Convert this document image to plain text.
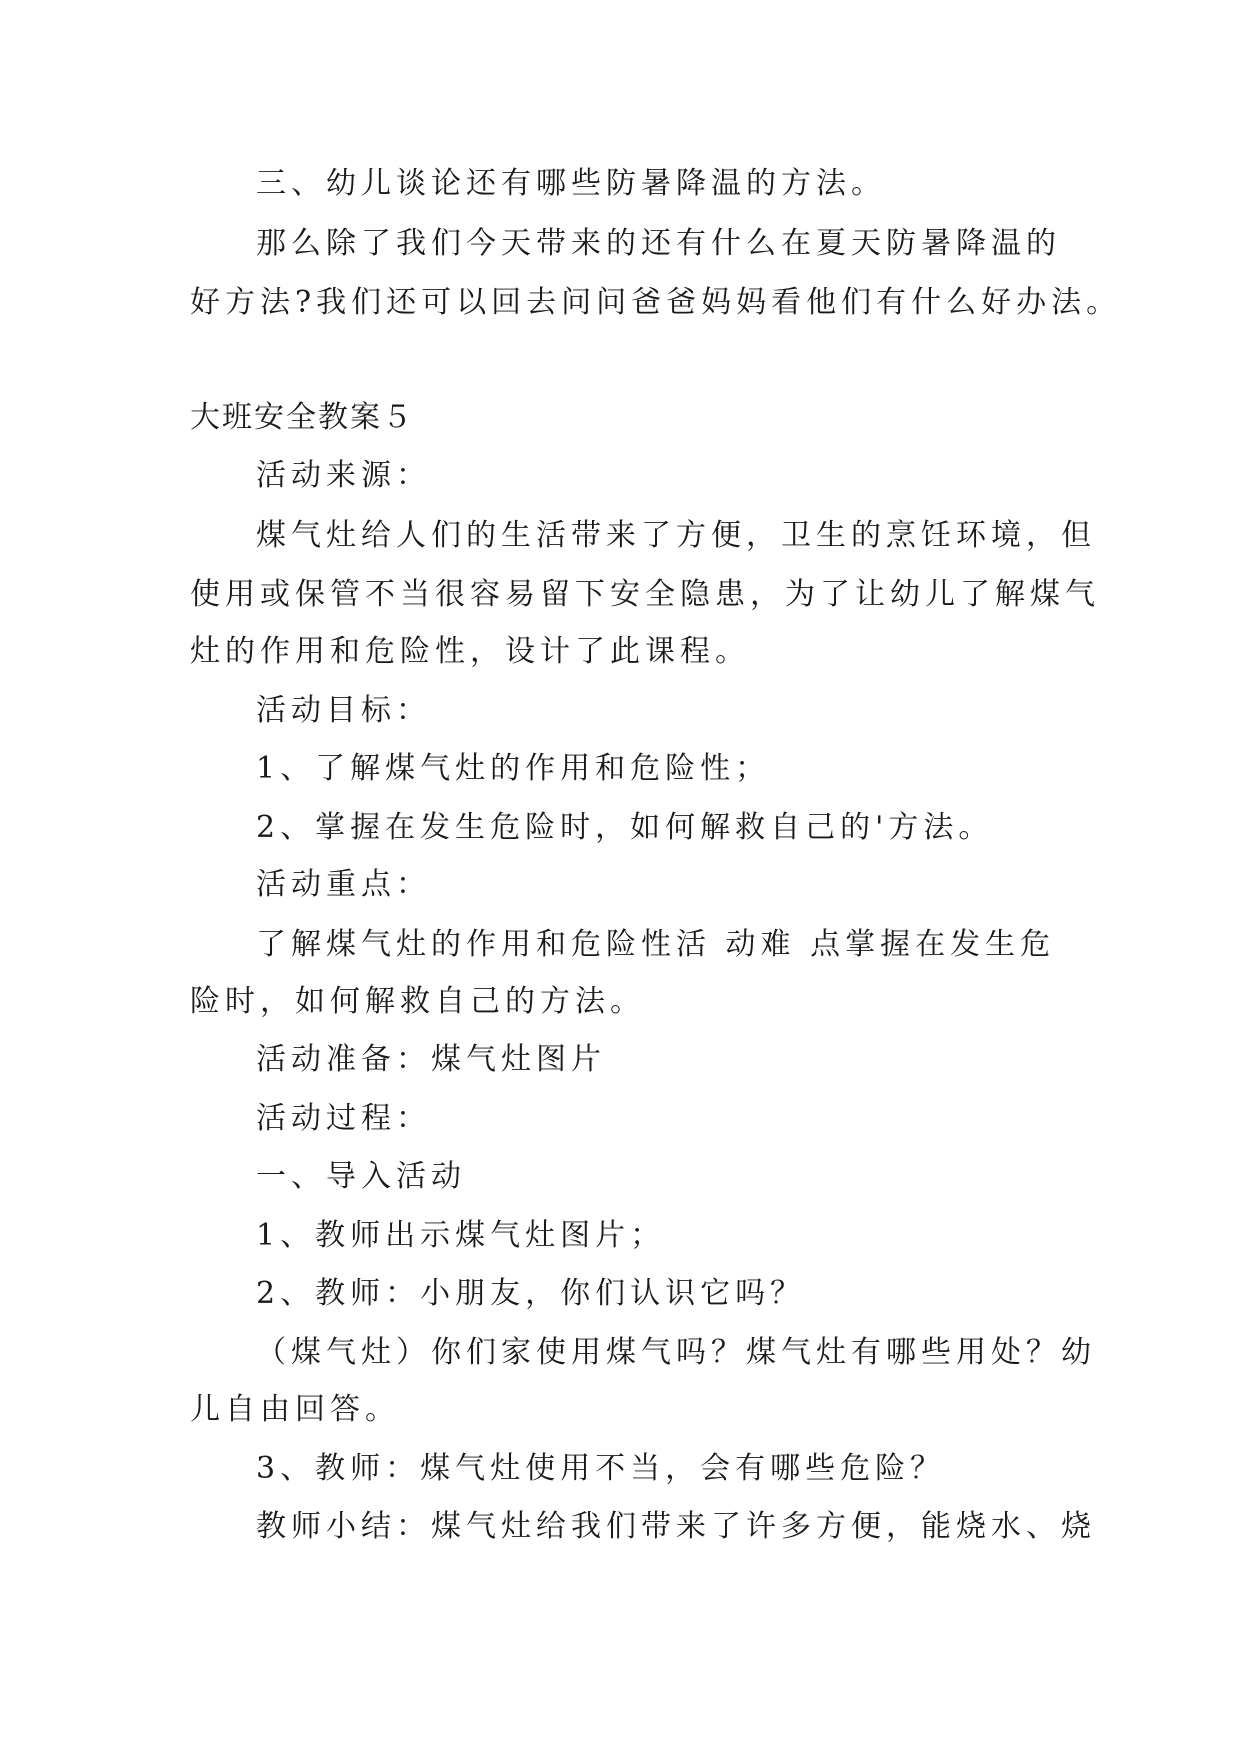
三、幼儿谈论还有哪些防暑降温的方法。
那么除了我们今天带来的还有什么在夏天防暑降温的
好方法?我们还可以回去问问爸爸妈妈看他们有什么好办法。
大班安全教案５
活动来源：
煤气灶给人们的生活带来了方便，卫生的烹饪环境，但
使用或保管不当很容易留下安全隐患，为了让幼儿了解煤气
灶的作用和危险性，设计了此课程。
活动目标：
1、了解煤气灶的作用和危险性；
2、掌握在发生危险时，如何解救自己的'方法。
活动重点：
了解煤气灶的作用和危险性活 动难 点掌握在发生危
险时，如何解救自己的方法。
活动准备：煤气灶图片
活动过程：
一、导入活动
1、教师出示煤气灶图片；
2、教师：小朋友，你们认识它吗？
（煤气灶）你们家使用煤气吗？煤气灶有哪些用处？幼
儿自由回答。
3、教师：煤气灶使用不当，会有哪些危险？
教师小结：煤气灶给我们带来了许多方便，能烧水、烧
